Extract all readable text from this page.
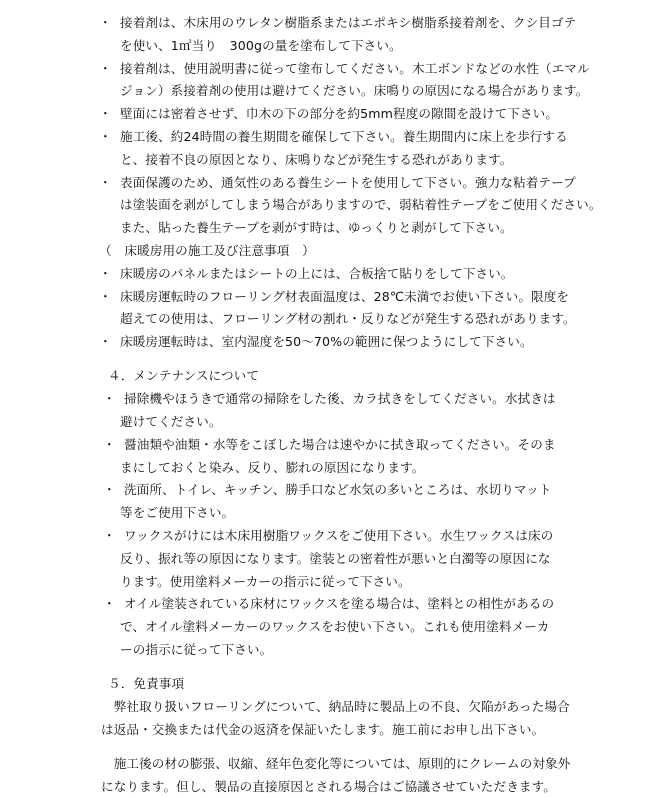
・ 接着剤は、木床用のウレタン樹脂系またはエポキシ樹脂系接着剤を、クシ目ゴテ
を使い、1㎡当り　300gの量を塗布して下さい。
・ 接着剤は、使用説明書に従って塗布してください。木工ボンドなどの水性（エマル
ジョン）系接着剤の使用は避けてください。床鳴りの原因になる場合があります。
・ 壁面には密着させず、巾木の下の部分を約5mm程度の隙間を設けて下さい。
・ 施工後、約24時間の養生期間を確保して下さい。養生期間内に床上を歩行する
と、接着不良の原因となり、床鳴りなどが発生する恐れがあります。
・ 表面保護のため、通気性のある養生シートを使用して下さい。強力な粘着テープ
は塗装面を剥がしてしまう場合がありますので、弱粘着性テープをご使用ください。
また、貼った養生テープを剥がす時は、ゆっくりと剥がして下さい。
（　床暖房用の施工及び注意事項　）
・ 床暖房のパネルまたはシートの上には、合板捨て貼りをして下さい。
・ 床暖房運転時のフローリング材表面温度は、28℃未満でお使い下さい。限度を
超えての使用は、フローリング材の割れ・反りなどが発生する恐れがあります。
・ 床暖房運転時は、室内湿度を50～70%の範囲に保つようにして下さい。
４．メンテナンスについて
・ 掃除機やほうきで通常の掃除をした後、カラ拭きをしてください。水拭きは
避けてください。
・ 醤油類や油類・水等をこぼした場合は速やかに拭き取ってください。そのま
まにしておくと染み、反り、膨れの原因になります。
・ 洗面所、トイレ、キッチン、勝手口など水気の多いところは、水切りマット
等をご使用下さい。
・ ワックスがけには木床用樹脂ワックスをご使用下さい。水生ワックスは床の
反り、振れ等の原因になります。塗装との密着性が悪いと白濁等の原因にな
ります。使用塗料メーカーの指示に従って下さい。
・ オイル塗装されている床材にワックスを塗る場合は、塗料との相性があるの
で、オイル塗料メーカーのワックスをお使い下さい。これも使用塗料メーカ
ーの指示に従って下さい。
５．免責事項
　弊社取り扱いフローリングについて、納品時に製品上の不良、欠陥があった場合
は返品・交換または代金の返済を保証いたします。施工前にお申し出下さい。
　施工後の材の膨張、収縮、経年色変化等については、原則的にクレームの対象外
になります。但し、製品の直接原因とされる場合はご協議させていただきます。
